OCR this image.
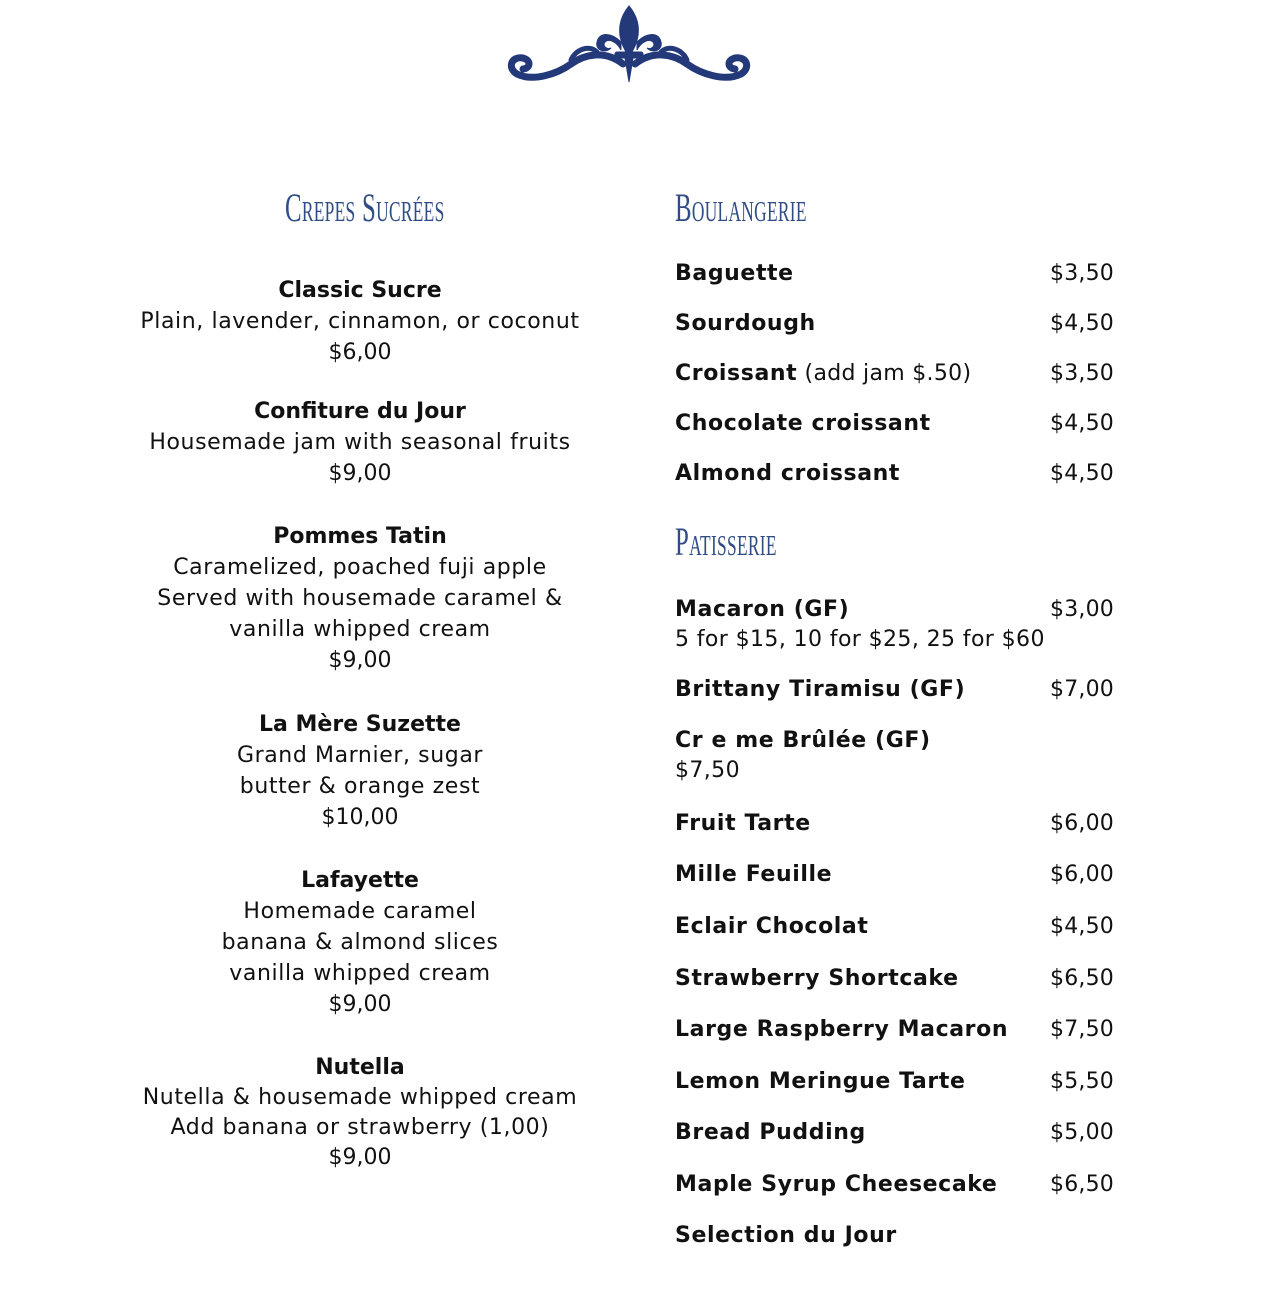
Crepes Sucrées
Classic Sucre
Plain, lavender, cinnamon, or coconut
$6,00
Confiture du Jour
Housemade jam with seasonal fruits
$9,00
Pommes Tatin
Caramelized, poached fuji apple
Served with housemade caramel &
vanilla whipped cream
$9,00
La Mère Suzette
Grand Marnier, sugar
butter & orange zest
$10,00
Lafayette
Homemade caramel
banana & almond slices
vanilla whipped cream
$9,00
Nutella
Nutella & housemade whipped cream
Add banana or strawberry (1,00)
$9,00
Boulangerie
Baguette	$3,50
Sourdough	$4,50
Croissant (add jam $.50)	$3,50
Chocolate croissant	$4,50
Almond croissant	$4,50
Patisserie
Macaron (GF)	$3,00
5 for $15, 10 for $25, 25 for $60
Brittany Tiramisu (GF)	$7,00
Cr e me Brûlée (GF)
$7,50
Fruit Tarte	$6,00
Mille Feuille	$6,00
Eclair Chocolat	$4,50
Strawberry Shortcake	$6,50
Large Raspberry Macaron $7,50
Lemon Meringue Tarte	$5,50
Bread Pudding	$5,00
Maple Syrup Cheesecake $6,50
Selection du Jour
